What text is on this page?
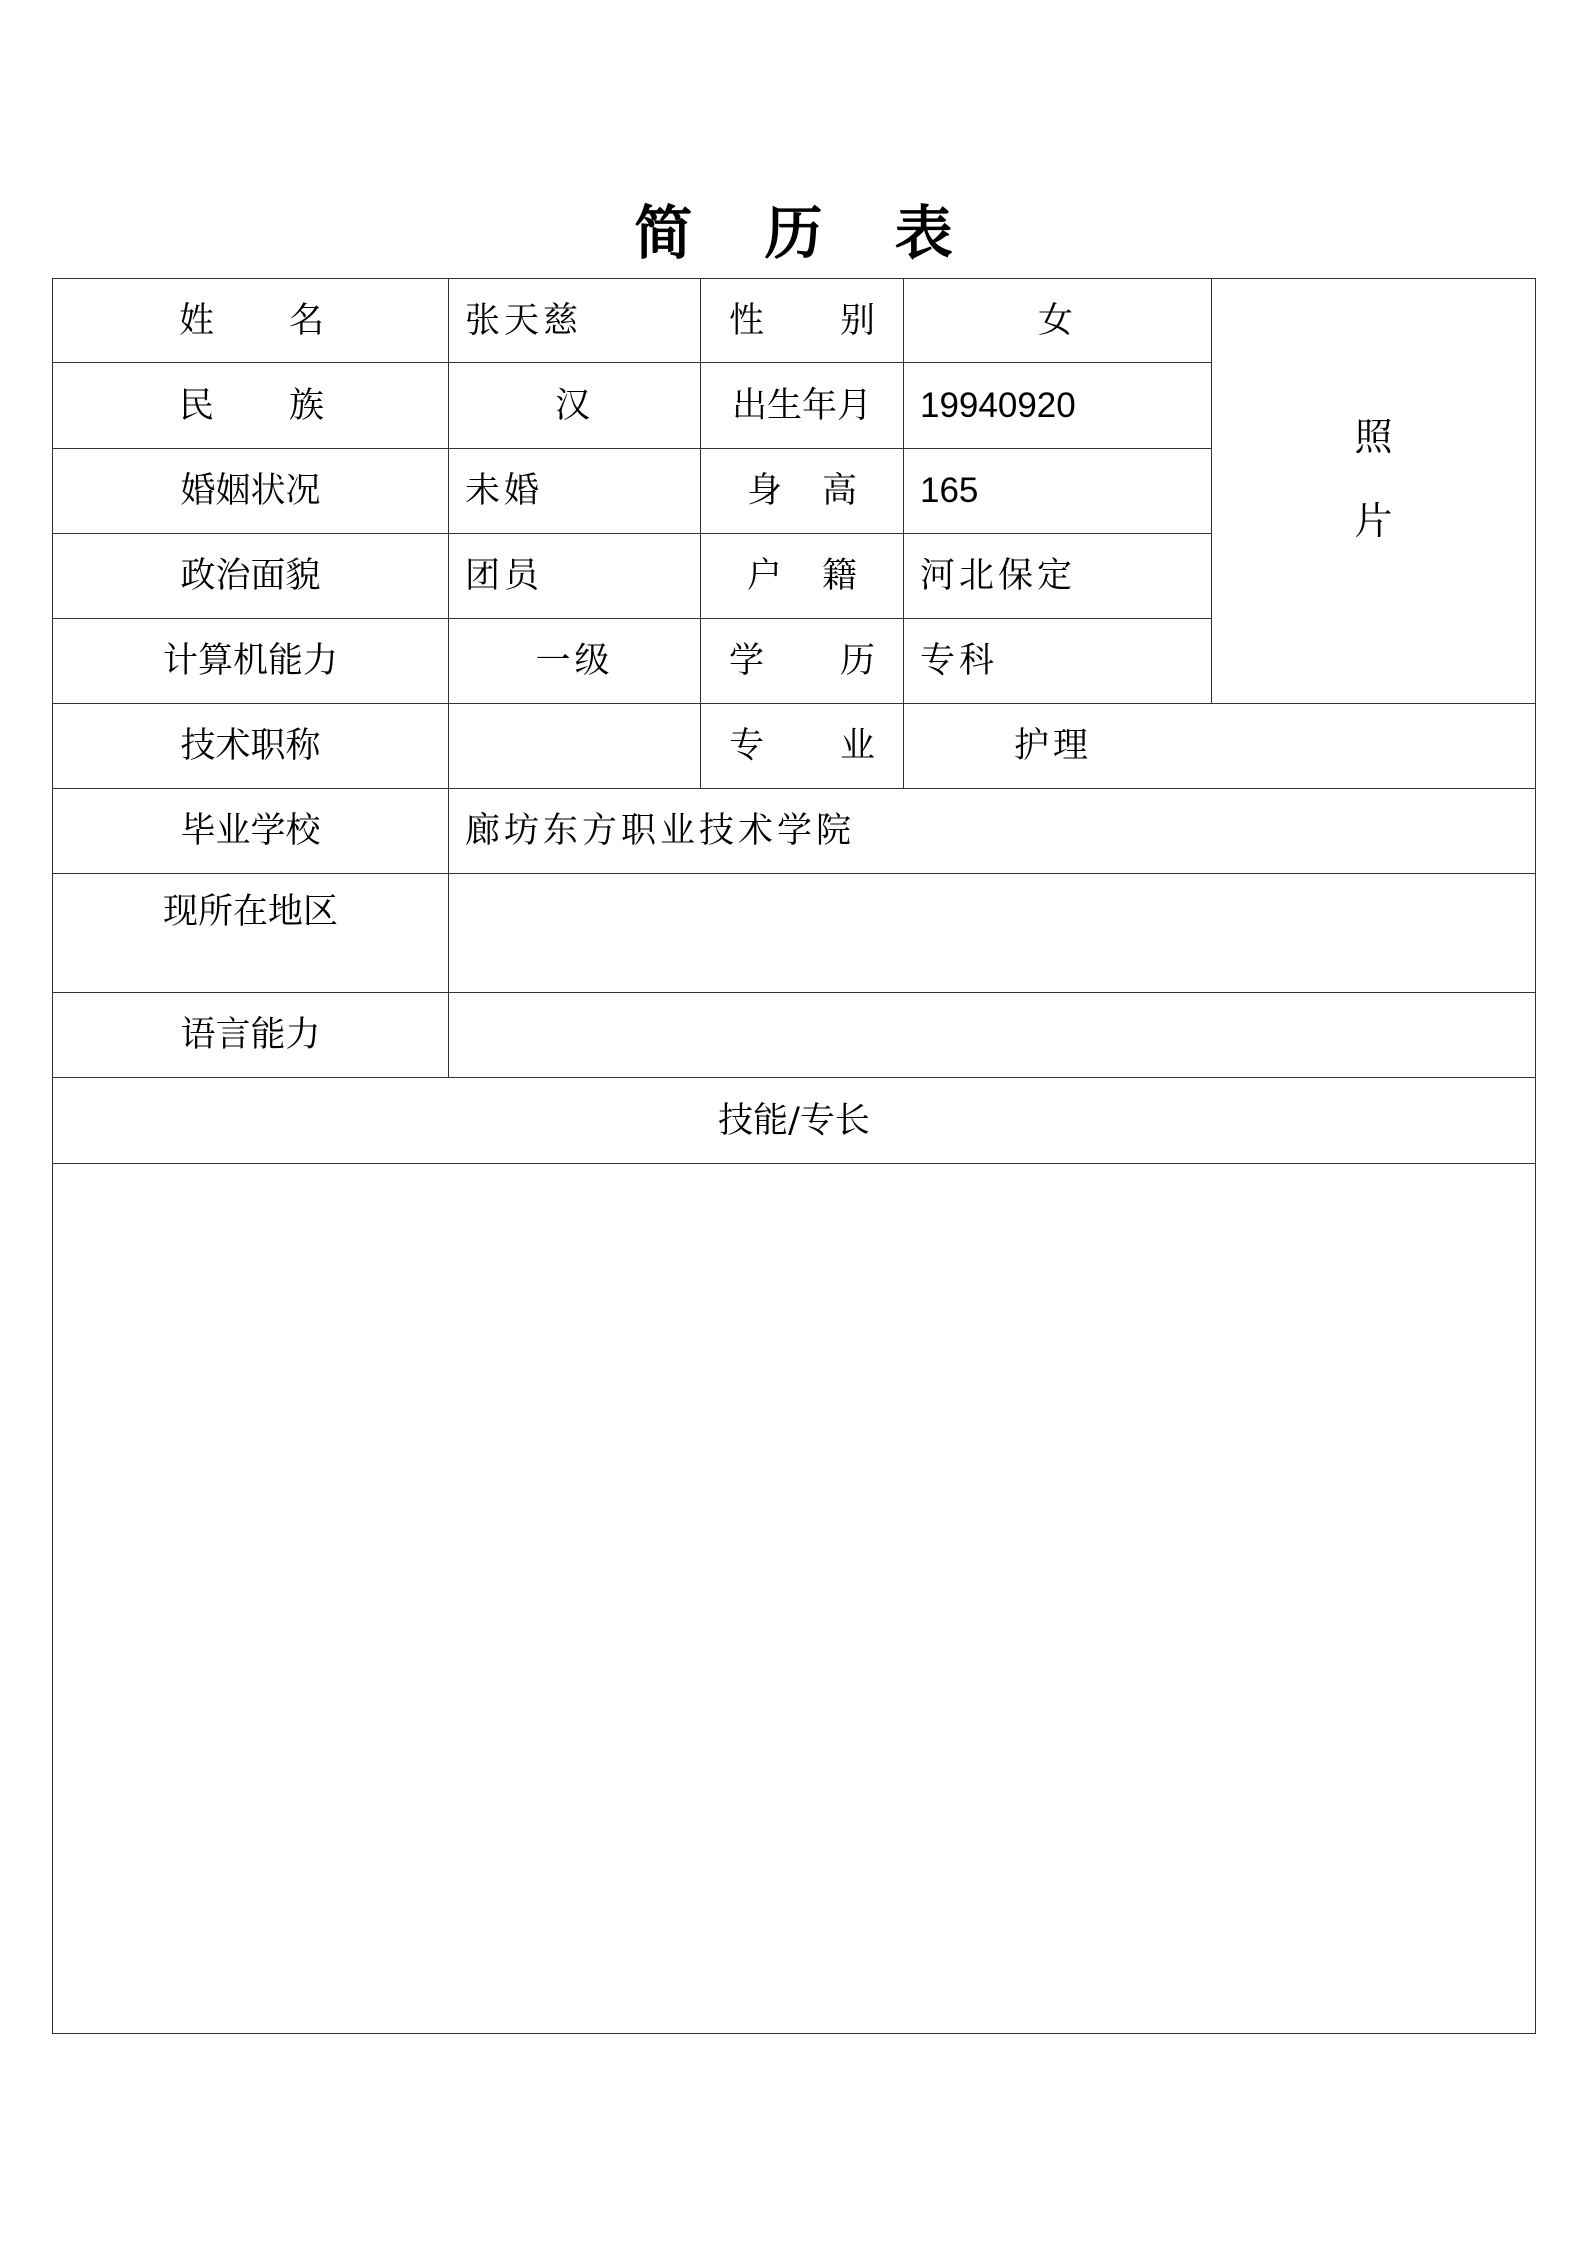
简 历 表
姓名	张天慈	性别	女	照
片

民族	汉	出生年月	19940920	
婚姻状况	未婚	身高	165	
政治面貌	团员	户籍	河北保定	
计算机能力	一级	学历	专科	
技术职称		专业	护理	
毕业学校	廊坊东方职业技术学院			
现所在地区				
语言能力				
技能/专长				
